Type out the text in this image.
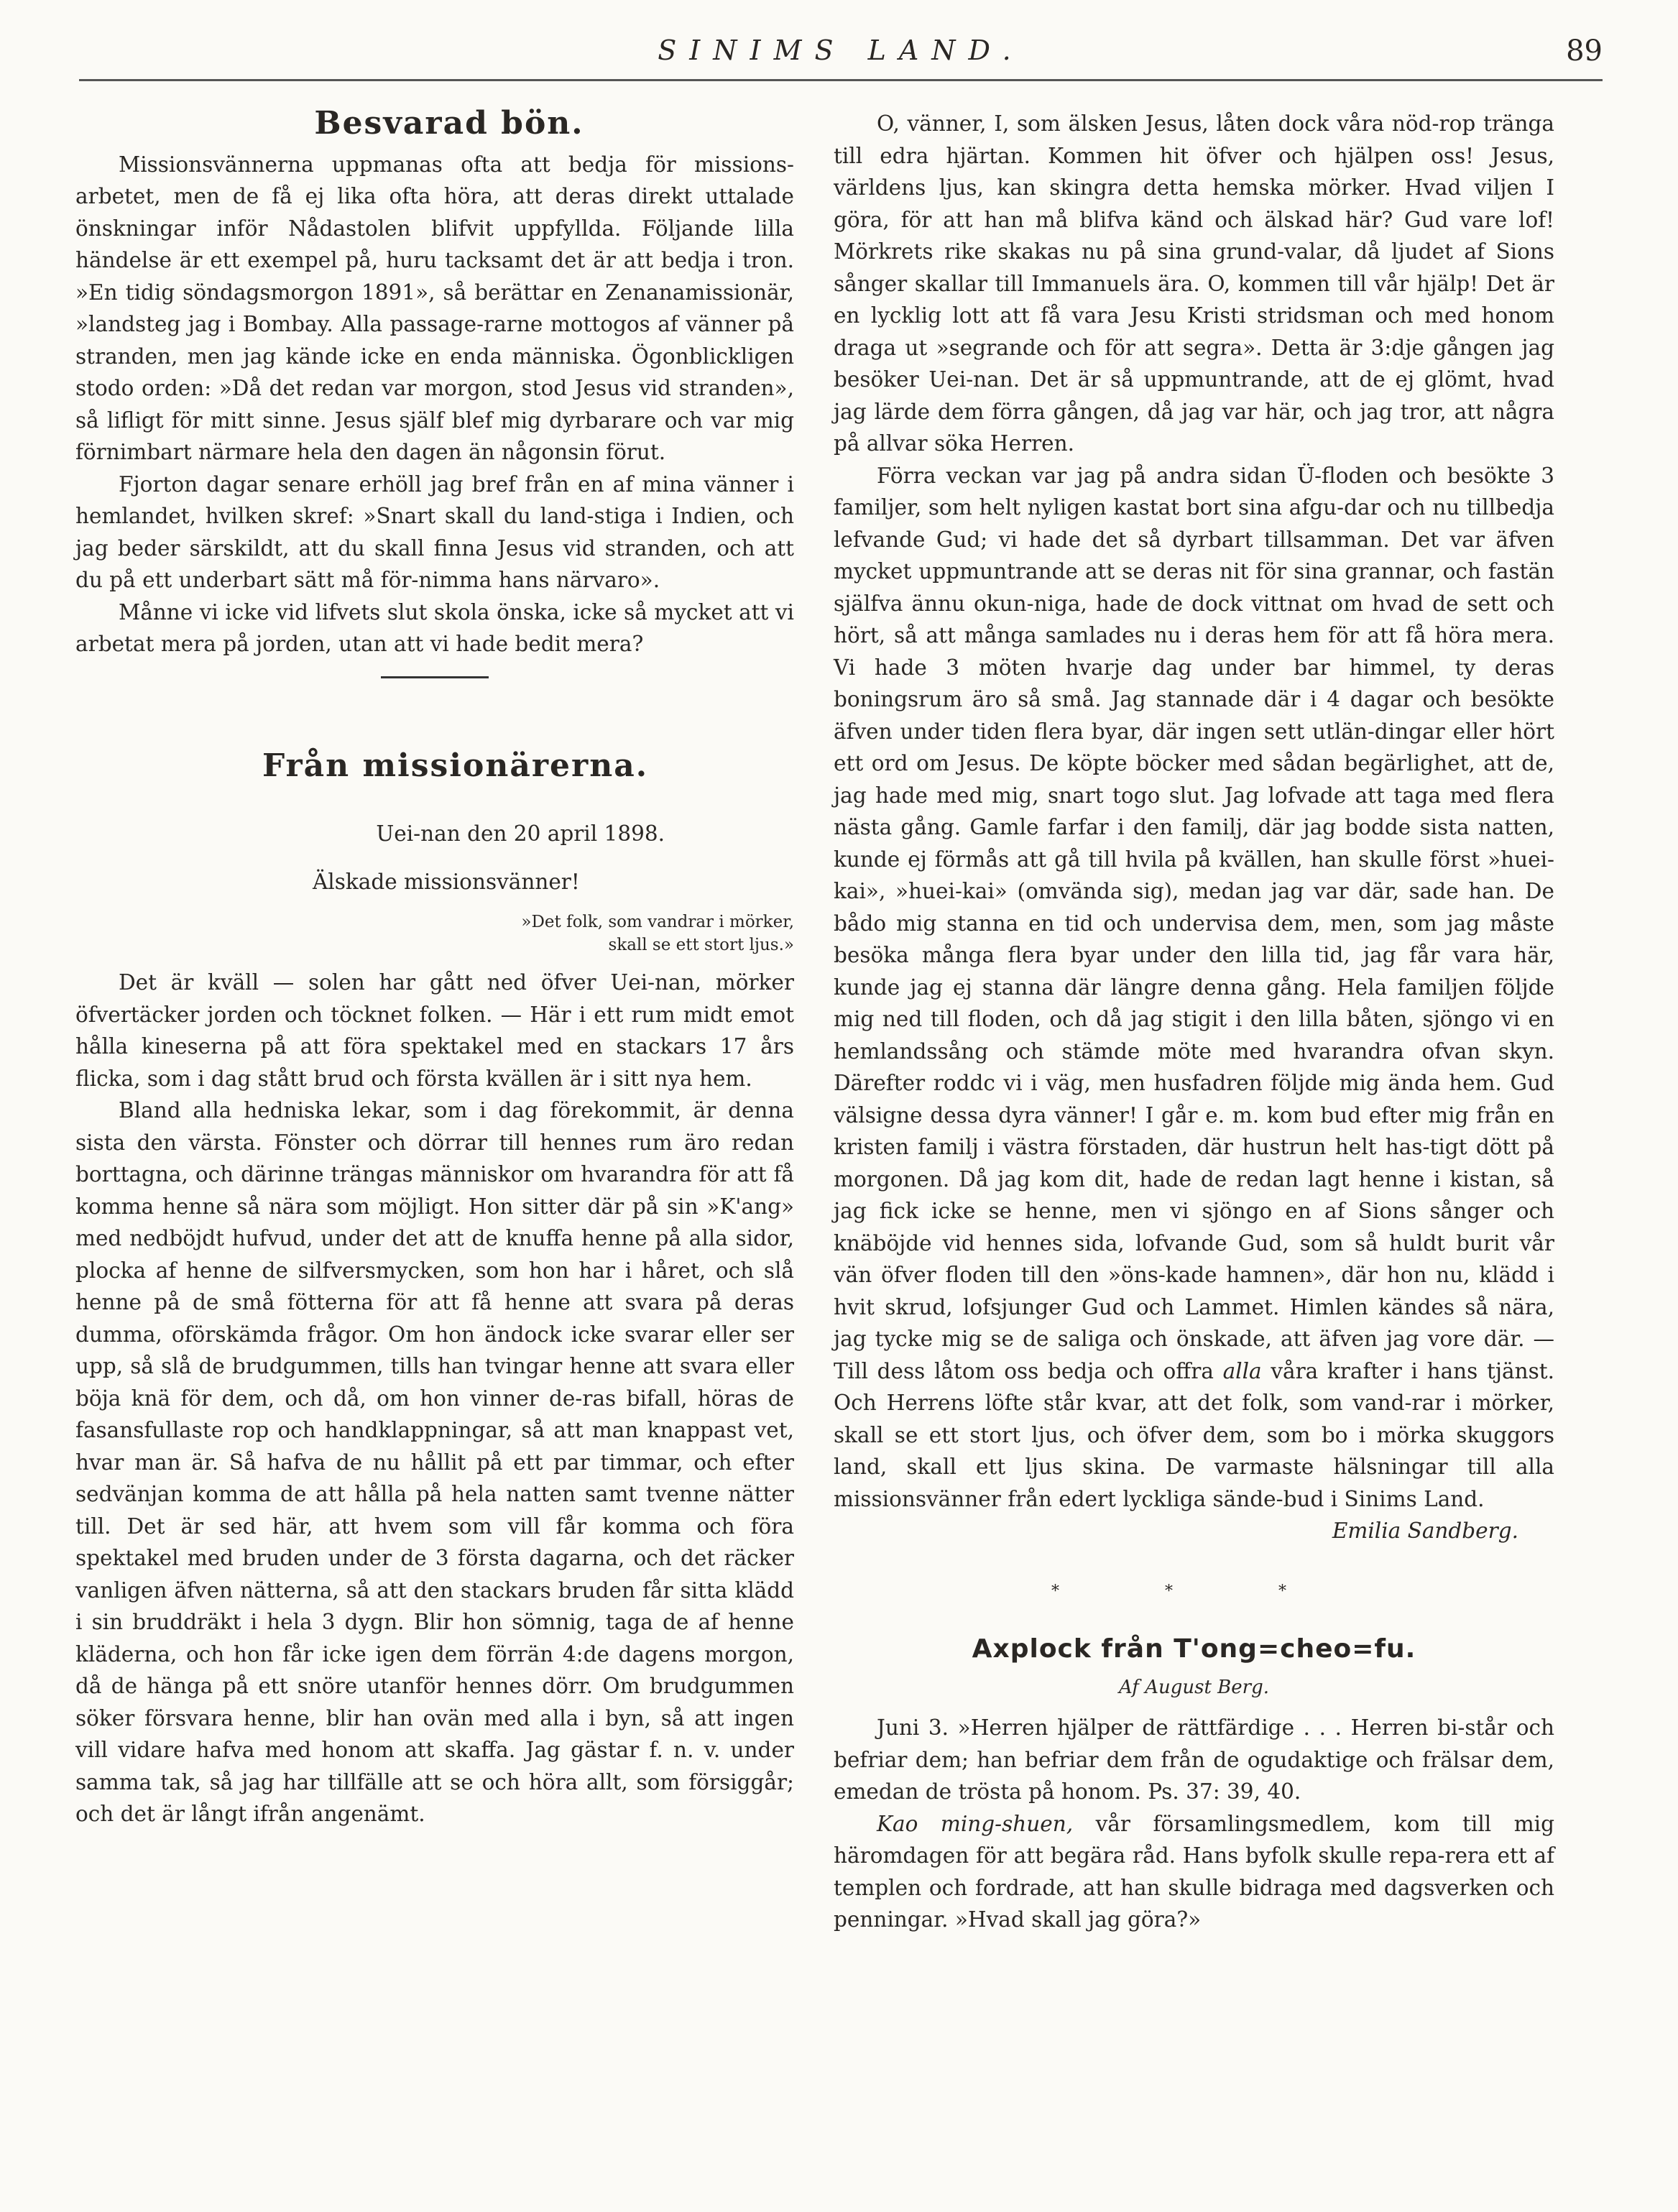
SINIMS LAND.	89
Besvarad bön.

Missionsvännerna uppmanas ofta att bedja för missions-arbetet, men de få ej lika ofta höra, att deras direkt uttalade önskningar inför Nådastolen blifvit uppfyllda. Följande lilla händelse är ett exempel på, huru tacksamt det är att bedja i tron. »En tidig söndagsmorgon 1891», så berättar en Zenanamissionär, »landsteg jag i Bombay. Alla passage-rarne mottogos af vänner på stranden, men jag kände icke en enda människa. Ögonblickligen stodo orden: »Då det redan var morgon, stod Jesus vid stranden», så lifligt för mitt sinne. Jesus själf blef mig dyrbarare och var mig förnimbart närmare hela den dagen än någonsin förut.

Fjorton dagar senare erhöll jag bref från en af mina vänner i hemlandet, hvilken skref: »Snart skall du land-stiga i Indien, och jag beder särskildt, att du skall finna Jesus vid stranden, och att du på ett underbart sätt må för-nimma hans närvaro».

Månne vi icke vid lifvets slut skola önska, icke så mycket att vi arbetat mera på jorden, utan att vi hade bedit mera?

Från missionärerna.
Uei-nan den 20 april 1898.
Älskade missionsvänner!
»Det folk, som vandrar i mörker,
skall se ett stort ljus.»

Det är kväll — solen har gått ned öfver Uei-nan, mörker öfvertäcker jorden och töcknet folken. — Här i ett rum midt emot hålla kineserna på att föra spektakel med en stackars 17 års flicka, som i dag stått brud och första kvällen är i sitt nya hem.

Bland alla hedniska lekar, som i dag förekommit, är denna sista den värsta. Fönster och dörrar till hennes rum äro redan borttagna, och därinne trängas människor om hvarandra för att få komma henne så nära som möjligt. Hon sitter där på sin »K'ang» med nedböjdt hufvud, under det att de knuffa henne på alla sidor, plocka af henne de silfversmycken, som hon har i håret, och slå henne på de små fötterna för att få henne att svara på deras dumma, oförskämda frågor. Om hon ändock icke svarar eller ser upp, så slå de brudgummen, tills han tvingar henne att svara eller böja knä för dem, och då, om hon vinner de-ras bifall, höras de fasansfullaste rop och handklappningar, så att man knappast vet, hvar man är. Så hafva de nu hållit på ett par timmar, och efter sedvänjan komma de att hålla på hela natten samt tvenne nätter till. Det är sed här, att hvem som vill får komma och föra spektakel med bruden under de 3 första dagarna, och det räcker vanligen äfven nätterna, så att den stackars bruden får sitta klädd i sin bruddräkt i hela 3 dygn. Blir hon sömnig, taga de af henne kläderna, och hon får icke igen dem förrän 4:de dagens morgon, då de hänga på ett snöre utanför hennes dörr. Om brudgummen söker försvara henne, blir han ovän med alla i byn, så att ingen vill vidare hafva med honom att skaffa. Jag gästar f. n. v. under samma tak, så jag har tillfälle att se och höra allt, som försiggår; och det är långt ifrån angenämt.

O, vänner, I, som älsken Jesus, låten dock våra nöd-rop tränga till edra hjärtan. Kommen hit öfver och hjälpen oss! Jesus, världens ljus, kan skingra detta hemska mörker. Hvad viljen I göra, för att han må blifva känd och älskad här? Gud vare lof! Mörkrets rike skakas nu på sina grund-valar, då ljudet af Sions sånger skallar till Immanuels ära. O, kommen till vår hjälp! Det är en lycklig lott att få vara Jesu Kristi stridsman och med honom draga ut »segrande och för att segra». Detta är 3:dje gången jag besöker Uei-nan. Det är så uppmuntrande, att de ej glömt, hvad jag lärde dem förra gången, då jag var här, och jag tror, att några på allvar söka Herren.

Förra veckan var jag på andra sidan Ü-floden och besökte 3 familjer, som helt nyligen kastat bort sina afgu-dar och nu tillbedja lefvande Gud; vi hade det så dyrbart tillsamman. Det var äfven mycket uppmuntrande att se deras nit för sina grannar, och fastän själfva ännu okun-niga, hade de dock vittnat om hvad de sett och hört, så att många samlades nu i deras hem för att få höra mera. Vi hade 3 möten hvarje dag under bar himmel, ty deras boningsrum äro så små. Jag stannade där i 4 dagar och besökte äfven under tiden flera byar, där ingen sett utlän-dingar eller hört ett ord om Jesus. De köpte böcker med sådan begärlighet, att de, jag hade med mig, snart togo slut. Jag lofvade att taga med flera nästa gång. Gamle farfar i den familj, där jag bodde sista natten, kunde ej förmås att gå till hvila på kvällen, han skulle först »huei-kai», »huei-kai» (omvända sig), medan jag var där, sade han. De bådo mig stanna en tid och undervisa dem, men, som jag måste besöka många flera byar under den lilla tid, jag får vara här, kunde jag ej stanna där längre denna gång. Hela familjen följde mig ned till floden, och då jag stigit i den lilla båten, sjöngo vi en hemlandssång och stämde möte med hvarandra ofvan skyn. Därefter roddc vi i väg, men husfadren följde mig ända hem. Gud välsigne dessa dyra vänner! I går e. m. kom bud efter mig från en kristen familj i västra förstaden, där hustrun helt has-tigt dött på morgonen. Då jag kom dit, hade de redan lagt henne i kistan, så jag fick icke se henne, men vi sjöngo en af Sions sånger och knäböjde vid hennes sida, lofvande Gud, som så huldt burit vår vän öfver floden till den »öns-kade hamnen», där hon nu, klädd i hvit skrud, lofsjunger Gud och Lammet. Himlen kändes så nära, jag tycke mig se de saliga och önskade, att äfven jag vore där. — Till dess låtom oss bedja och offra alla våra krafter i hans tjänst. Och Herrens löfte står kvar, att det folk, som vand-rar i mörker, skall se ett stort ljus, och öfver dem, som bo i mörka skuggors land, skall ett ljus skina. De varmaste hälsningar till alla missionsvänner från edert lyckliga sände-bud i Sinims Land.
Emilia Sandberg.

* * *
Axplock från T'ong=cheo=fu.
Af August Berg.

Juni 3. »Herren hjälper de rättfärdige . . . Herren bi-står och befriar dem; han befriar dem från de ogudaktige och frälsar dem, emedan de trösta på honom. Ps. 37: 39, 40.

Kao ming-shuen, vår församlingsmedlem, kom till mig häromdagen för att begära råd. Hans byfolk skulle repa-rera ett af templen och fordrade, att han skulle bidraga med dagsverken och penningar. »Hvad skall jag göra?»
